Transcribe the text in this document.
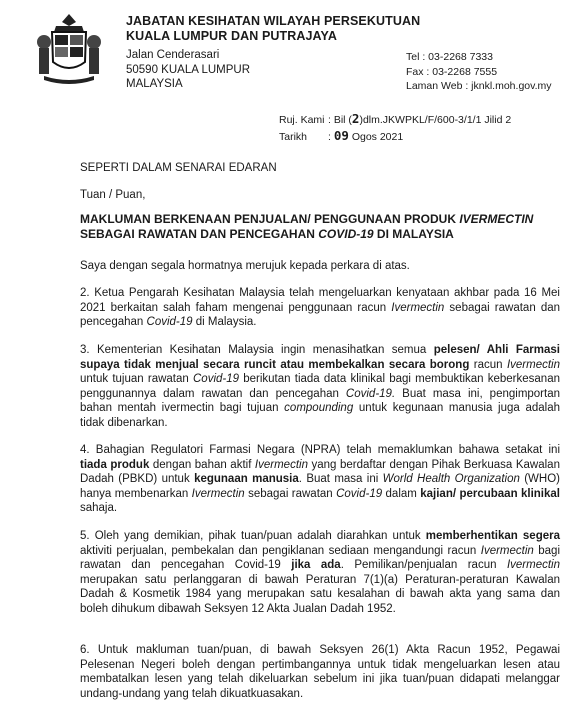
JABATAN KESIHATAN WILAYAH PERSEKUTUAN
KUALA LUMPUR DAN PUTRAJAYA
Jalan Cenderasari
50590 KUALA LUMPUR
MALAYSIA
Tel : 03-2268 7333
Fax : 03-2268 7555
Laman Web : jknkl.moh.gov.my
Ruj. Kami : Bil (2)dlm.JKWPKL/F/600-3/1/1 Jilid 2
Tarikh : 09 Ogos 2021
SEPERTI DALAM SENARAI EDARAN
Tuan / Puan,
MAKLUMAN BERKENAAN PENJUALAN/ PENGGUNAAN PRODUK IVERMECTIN
SEBAGAI RAWATAN DAN PENCEGAHAN COVID-19 DI MALAYSIA
Saya dengan segala hormatnya merujuk kepada perkara di atas.
2. Ketua Pengarah Kesihatan Malaysia telah mengeluarkan kenyataan akhbar pada 16 Mei 2021 berkaitan salah faham mengenai penggunaan racun Ivermectin sebagai rawatan dan pencegahan Covid-19 di Malaysia.
3. Kementerian Kesihatan Malaysia ingin menasihatkan semua pelesen/ Ahli Farmasi supaya tidak menjual secara runcit atau membekalkan secara borong racun Ivermectin untuk tujuan rawatan Covid-19 berikutan tiada data klinikal bagi membuktikan keberkesanan penggunannya dalam rawatan dan pencegahan Covid-19. Buat masa ini, pengimportan bahan mentah ivermectin bagi tujuan compounding untuk kegunaan manusia juga adalah tidak dibenarkan.
4. Bahagian Regulatori Farmasi Negara (NPRA) telah memaklumkan bahawa setakat ini tiada produk dengan bahan aktif Ivermectin yang berdaftar dengan Pihak Berkuasa Kawalan Dadah (PBKD) untuk kegunaan manusia. Buat masa ini World Health Organization (WHO) hanya membenarkan Ivermectin sebagai rawatan Covid-19 dalam kajian/ percubaan klinikal sahaja.
5. Oleh yang demikian, pihak tuan/puan adalah diarahkan untuk memberhentikan segera aktiviti perjualan, pembekalan dan pengiklanan sediaan mengandungi racun Ivermectin bagi rawatan dan pencegahan Covid-19 jika ada. Pemilikan/penjualan racun Ivermectin merupakan satu perlanggaran di bawah Peraturan 7(1)(a) Peraturan-peraturan Kawalan Dadah & Kosmetik 1984 yang merupakan satu kesalahan di bawah akta yang sama dan boleh dihukum dibawah Seksyen 12 Akta Jualan Dadah 1952.
6. Untuk makluman tuan/puan, di bawah Seksyen 26(1) Akta Racun 1952, Pegawai Pelesenan Negeri boleh dengan pertimbangannya untuk tidak mengeluarkan lesen atau membatalkan lesen yang telah dikeluarkan sebelum ini jika tuan/puan didapati melanggar undang-undang yang telah dikuatkuasakan.
